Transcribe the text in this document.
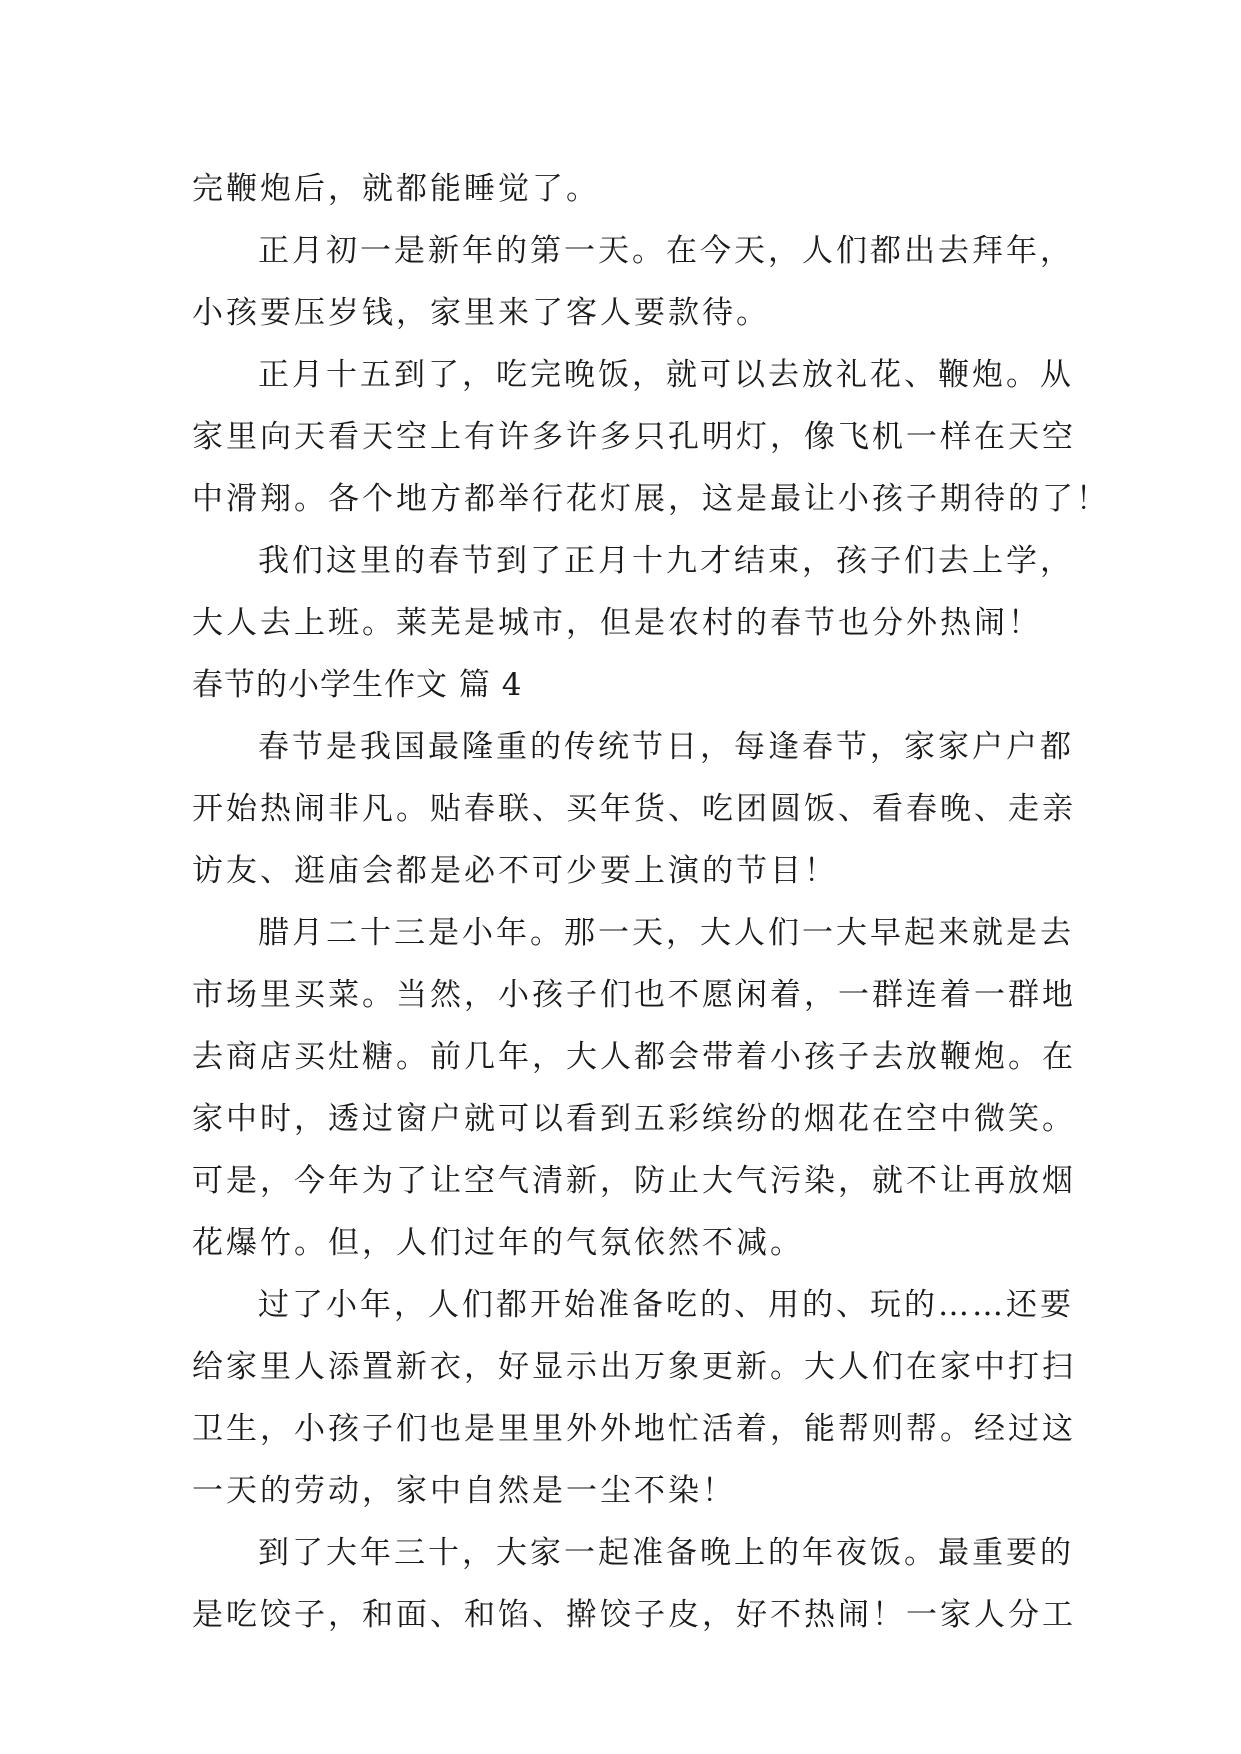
完鞭炮后，就都能睡觉了。
正月初一是新年的第一天。在今天，人们都出去拜年，
小孩要压岁钱，家里来了客人要款待。
正月十五到了，吃完晚饭，就可以去放礼花、鞭炮。从
家里向天看天空上有许多许多只孔明灯，像飞机一样在天空
中滑翔。各个地方都举行花灯展，这是最让小孩子期待的了！
我们这里的春节到了正月十九才结束，孩子们去上学，
大人去上班。莱芜是城市，但是农村的春节也分外热闹！
春节的小学生作文 篇 4
春节是我国最隆重的传统节日，每逢春节，家家户户都
开始热闹非凡。贴春联、买年货、吃团圆饭、看春晚、走亲
访友、逛庙会都是必不可少要上演的节目！
腊月二十三是小年。那一天，大人们一大早起来就是去
市场里买菜。当然，小孩子们也不愿闲着，一群连着一群地
去商店买灶糖。前几年，大人都会带着小孩子去放鞭炮。在
家中时，透过窗户就可以看到五彩缤纷的烟花在空中微笑。
可是，今年为了让空气清新，防止大气污染，就不让再放烟
花爆竹。但，人们过年的气氛依然不减。
过了小年，人们都开始准备吃的、用的、玩的……还要
给家里人添置新衣，好显示出万象更新。大人们在家中打扫
卫生，小孩子们也是里里外外地忙活着，能帮则帮。经过这
一天的劳动，家中自然是一尘不染！
到了大年三十，大家一起准备晚上的年夜饭。最重要的
是吃饺子，和面、和馅、擀饺子皮，好不热闹！一家人分工
